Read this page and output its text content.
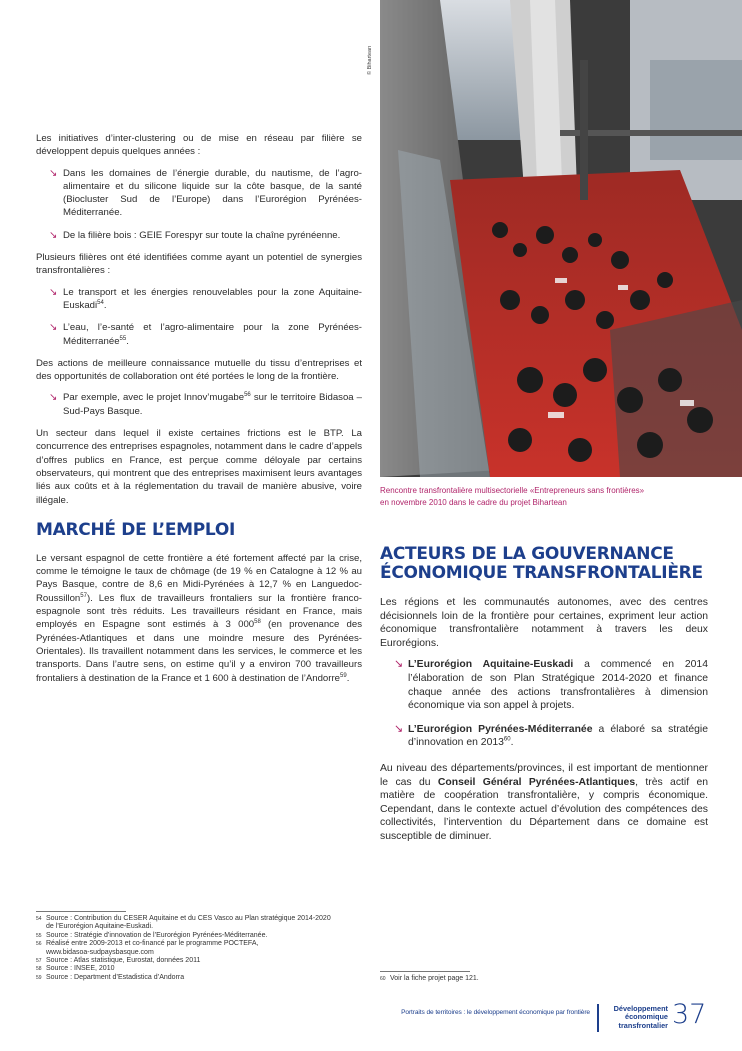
© Bihartean
Rencontre transfrontalière multisectorielle «Entrepreneurs sans frontières»
en novembre 2010 dans le cadre du projet Bihartean

Les initiatives d’inter-clustering ou de mise en réseau par filière se développent depuis quelques années :

↘ Dans les domaines de l’énergie durable, du nautisme, de l’agro-alimentaire et du silicone liquide sur la côte basque, de la santé (Biocluster Sud de l’Europe) dans l’Eurorégion Pyrénées-Méditerranée.
↘ De la filière bois : GEIE Forespyr sur toute la chaîne pyrénéenne.

Plusieurs filières ont été identifiées comme ayant un potentiel de synergies transfrontalières :

↘ Le transport et les énergies renouvelables pour la zone Aquitaine-Euskadi$^{54}$.
↘ L’eau, l’e-santé et l’agro-alimentaire pour la zone Pyrénées-Méditerranée$^{55}$.

Des actions de meilleure connaissance mutuelle du tissu d’entreprises et des opportunités de collaboration ont été portées le long de la frontière.

↘ Par exemple, avec le projet Innov’mugabe$^{56}$ sur le territoire Bidasoa – Sud-Pays Basque.

Un secteur dans lequel il existe certaines frictions est le BTP. La concurrence des entreprises espagnoles, notamment dans le cadre d’appels d’offres publics en France, est perçue comme déloyale par certains observateurs, qui montrent que des entreprises maximisent leurs avantages liés aux coûts et à la réglementation du travail de manière abusive, voire illégale.

MARCHÉ DE L’EMPLOI

Le versant espagnol de cette frontière a été fortement affecté par la crise, comme le témoigne le taux de chômage (de 19 % en Catalogne à 12 % au Pays Basque, contre de 8,6 en Midi-Pyrénées à 12,7 % en Languedoc-Roussillon$^{57}$). Les flux de travailleurs frontaliers sur la frontière franco-espagnole sont très réduits. Les travailleurs résidant en France, mais employés en Espagne sont estimés à 3 $000^{58}$ (en provenance des Pyrénées-Atlantiques et dans une moindre mesure des Pyrénées-Orientales). Ils travaillent notamment dans les services, le commerce et les transports. Dans l’autre sens, on estime qu’il y a environ 700 travailleurs frontaliers à destination de la France et 1 600 à destination de l’Andorre$^{59}$.

ACTEURS DE LA GOUVERNANCE
ÉCONOMIQUE TRANSFRONTALIÈRE

Les régions et les communautés autonomes, avec des centres décisionnels loin de la frontière pour certaines, expriment leur action économique transfrontalière notamment à travers les deux Eurorégions.

↘ L’Eurorégion Aquitaine-Euskadi a commencé en 2014 l’élaboration de son Plan Stratégique 2014-2020 et finance chaque année des actions transfrontalières à dimension économique via son appel à projets.
↘ L’Eurorégion Pyrénées-Méditerranée a élaboré sa stratégie d’innovation en 2013$^{60}$.

Au niveau des départements/provinces, il est important de mentionner le cas du Conseil Général Pyrénées-Atlantiques, très actif en matière de coopération transfrontalière, y compris économique. Cependant, dans le contexte actuel d’évolution des compétences des collectivités, l’intervention du Département dans ce domaine est susceptible de diminuer.

54 Source : Contribution du CESER Aquitaine et du CES Vasco au Plan stratégique 2014-2020
de l’Eurorégion Aquitaine-Euskadi.
55 Source : Stratégie d’innovation de l’Eurorégion Pyrénées-Méditerranée.
56 Réalisé entre 2009-2013 et co-financé par le programme POCTEFA,
www.bidasoa-sudpaysbasque.com
57 Source : Atlas statistique, Eurostat, données 2011
58 Source : INSEE, 2010
59 Source : Department d’Estadistica d’Andorra	60 Voir la fiche projet page 121.
Portraits de territoires : le développement économique par frontière	Développement
économique
transfrontalier 37
